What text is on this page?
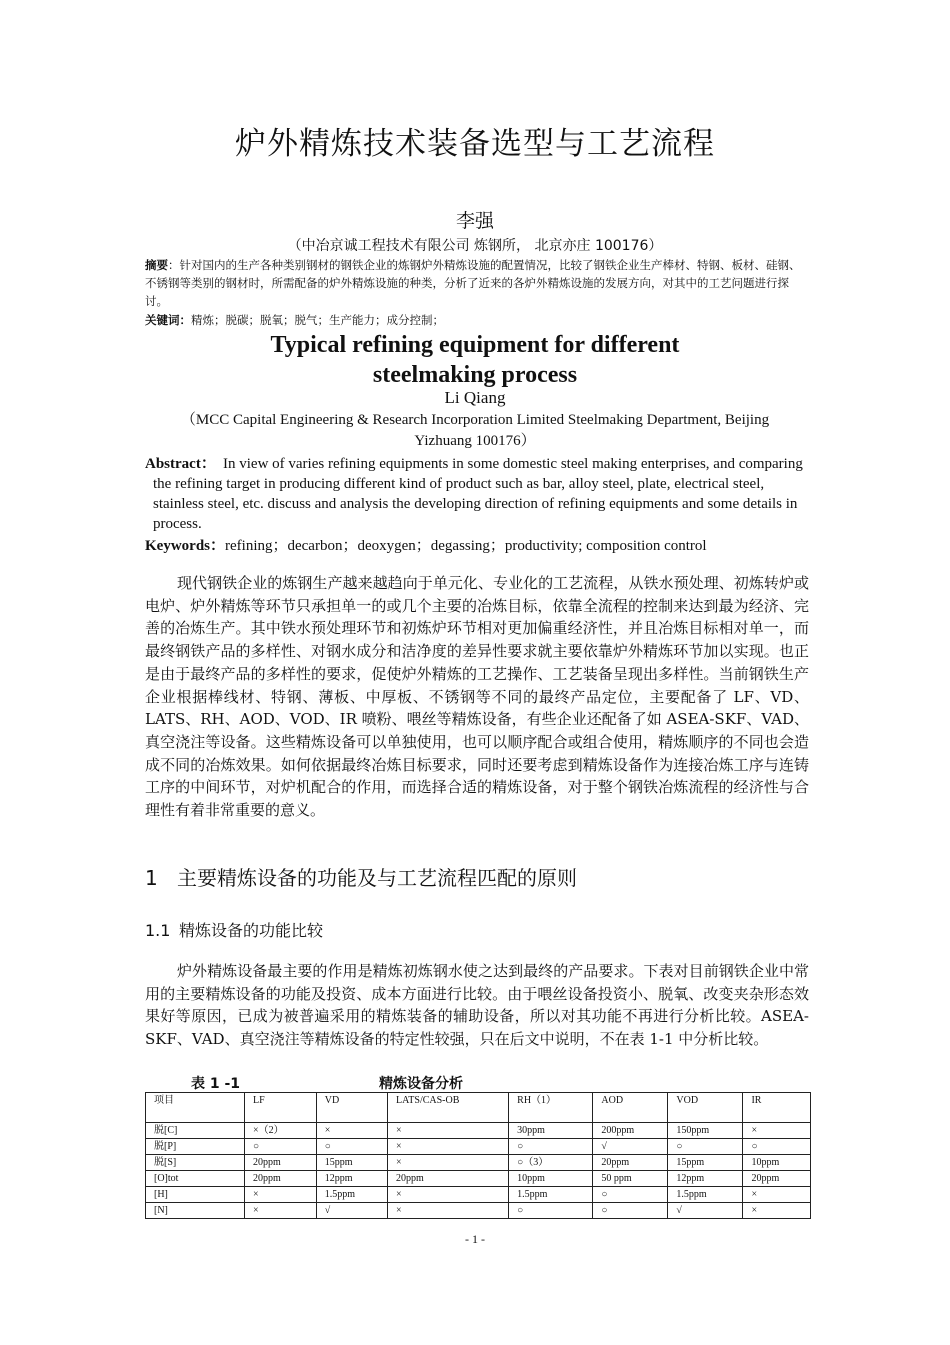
炉外精炼技术装备选型与工艺流程
李强
（中冶京诚工程技术有限公司 炼钢所， 北京亦庄 100176）
摘要：针对国内的生产各种类别钢材的钢铁企业的炼钢炉外精炼设施的配置情况，比较了钢铁企业生产棒材、特钢、板材、硅钢、不锈钢等类别的钢材时，所需配备的炉外精炼设施的种类，分析了近来的各炉外精炼设施的发展方向，对其中的工艺问题进行探讨。
关键词：精炼；脱碳；脱氧；脱气；生产能力；成分控制；
Typical refining equipment for different
steelmaking process
Li Qiang
（MCC Capital Engineering & Research Incorporation Limited Steelmaking Department, Beijing Yizhuang 100176）
Abstract： In view of varies refining equipments in some domestic steel making enterprises, and comparing the refining target in producing different kind of product such as bar, alloy steel, plate, electrical steel, stainless steel, etc. discuss and analysis the developing direction of refining equipments and some details in process.
Keywords：refining；decarbon；deoxygen；degassing；productivity; composition control
现代钢铁企业的炼钢生产越来越趋向于单元化、专业化的工艺流程，从铁水预处理、初炼转炉或电炉、炉外精炼等环节只承担单一的或几个主要的冶炼目标，依靠全流程的控制来达到最为经济、完善的冶炼生产。其中铁水预处理环节和初炼炉环节相对更加偏重经济性，并且冶炼目标相对单一，而最终钢铁产品的多样性、对钢水成分和洁净度的差异性要求就主要依靠炉外精炼环节加以实现。也正是由于最终产品的多样性的要求，促使炉外精炼的工艺操作、工艺装备呈现出多样性。当前钢铁生产企业根据棒线材、特钢、薄板、中厚板、不锈钢等不同的最终产品定位，主要配备了 LF、VD、LATS、RH、AOD、VOD、IR 喷粉、喂丝等精炼设备，有些企业还配备了如 ASEA-SKF、VAD、真空浇注等设备。这些精炼设备可以单独使用，也可以顺序配合或组合使用，精炼顺序的不同也会造成不同的冶炼效果。如何依据最终冶炼目标要求，同时还要考虑到精炼设备作为连接冶炼工序与连铸工序的中间环节，对炉机配合的作用，而选择合适的精炼设备，对于整个钢铁冶炼流程的经济性与合理性有着非常重要的意义。
1 主要精炼设备的功能及与工艺流程匹配的原则
1.1 精炼设备的功能比较
炉外精炼设备最主要的作用是精炼初炼钢水使之达到最终的产品要求。下表对目前钢铁企业中常用的主要精炼设备的功能及投资、成本方面进行比较。由于喂丝设备投资小、脱氧、改变夹杂形态效果好等原因，已成为被普遍采用的精炼装备的辅助设备，所以对其功能不再进行分析比较。ASEA-SKF、VAD、真空浇注等精炼设备的特定性较强，只在后文中说明，不在表 1-1 中分析比较。
表 1 -1	精炼设备分析
项目	LF	VD	LATS/CAS-OB	RH（1）	AOD	VOD	IR
脱[C]	×（2）	×	×	30ppm	200ppm	150ppm	×
脱[P]	○	○	×	○	√	○	○
脱[S]	20ppm	15ppm	×	○（3）	20ppm	15ppm	10ppm
[O]tot	20ppm	12ppm	20ppm	10ppm	50 ppm	12ppm	20ppm
[H]	×	1.5ppm	×	1.5ppm	○	1.5ppm	×
[N]	×	√	×	○	○	√	×
- 1 -
